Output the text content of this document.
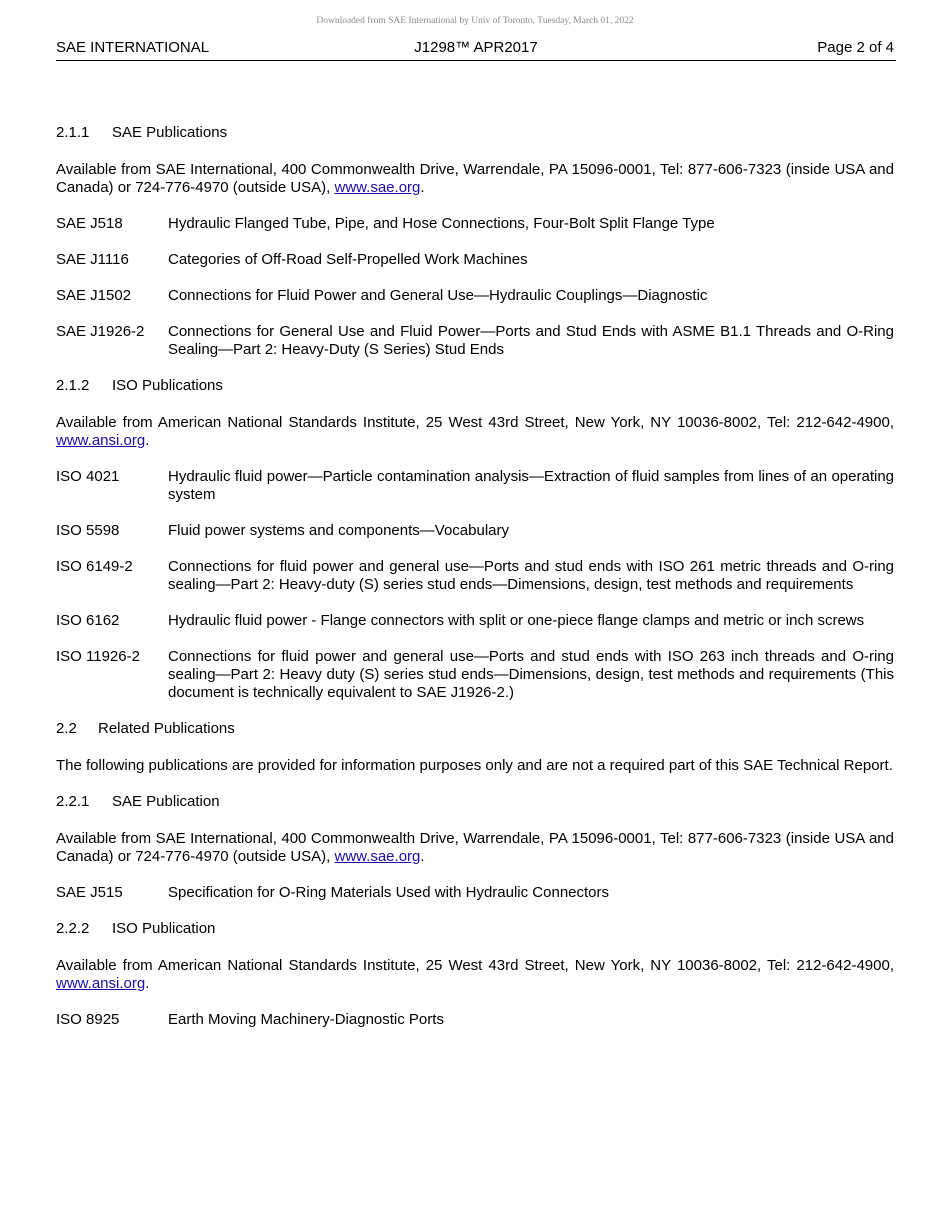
Downloaded from SAE International by Univ of Toronto, Tuesday, March 01, 2022
SAE INTERNATIONAL	J1298™ APR2017	Page 2 of 4
2.1.1 SAE Publications

Available from SAE International, 400 Commonwealth Drive, Warrendale, PA 15096-0001, Tel: 877-606-7323 (inside USA and Canada) or 724-776-4970 (outside USA), www.sae.org.

SAE J518	Hydraulic Flanged Tube, Pipe, and Hose Connections, Four-Bolt Split Flange Type
SAE J1116	Categories of Off-Road Self-Propelled Work Machines
SAE J1502	Connections for Fluid Power and General Use—Hydraulic Couplings—Diagnostic
SAE J1926-2	Connections for General Use and Fluid Power—Ports and Stud Ends with ASME B1.1 Threads and O-Ring Sealing—Part 2: Heavy-Duty (S Series) Stud Ends
2.1.2 ISO Publications

Available from American National Standards Institute, 25 West 43rd Street, New York, NY 10036-8002, Tel: 212-642-4900, www.ansi.org.

ISO 4021	Hydraulic fluid power—Particle contamination analysis—Extraction of fluid samples from lines of an operating system
ISO 5598	Fluid power systems and components—Vocabulary
ISO 6149-2	Connections for fluid power and general use—Ports and stud ends with ISO 261 metric threads and O-ring sealing—Part 2: Heavy-duty (S) series stud ends—Dimensions, design, test methods and requirements
ISO 6162	Hydraulic fluid power - Flange connectors with split or one-piece flange clamps and metric or inch screws
ISO 11926-2	Connections for fluid power and general use—Ports and stud ends with ISO 263 inch threads and O-ring sealing—Part 2: Heavy duty (S) series stud ends—Dimensions, design, test methods and requirements (This document is technically equivalent to SAE J1926-2.)
2.2 Related Publications

The following publications are provided for information purposes only and are not a required part of this SAE Technical Report.

2.2.1 SAE Publication

Available from SAE International, 400 Commonwealth Drive, Warrendale, PA 15096-0001, Tel: 877-606-7323 (inside USA and Canada) or 724-776-4970 (outside USA), www.sae.org.

SAE J515	Specification for O-Ring Materials Used with Hydraulic Connectors
2.2.2 ISO Publication

Available from American National Standards Institute, 25 West 43rd Street, New York, NY 10036-8002, Tel: 212-642-4900, www.ansi.org.

ISO 8925	Earth Moving Machinery-Diagnostic Ports
